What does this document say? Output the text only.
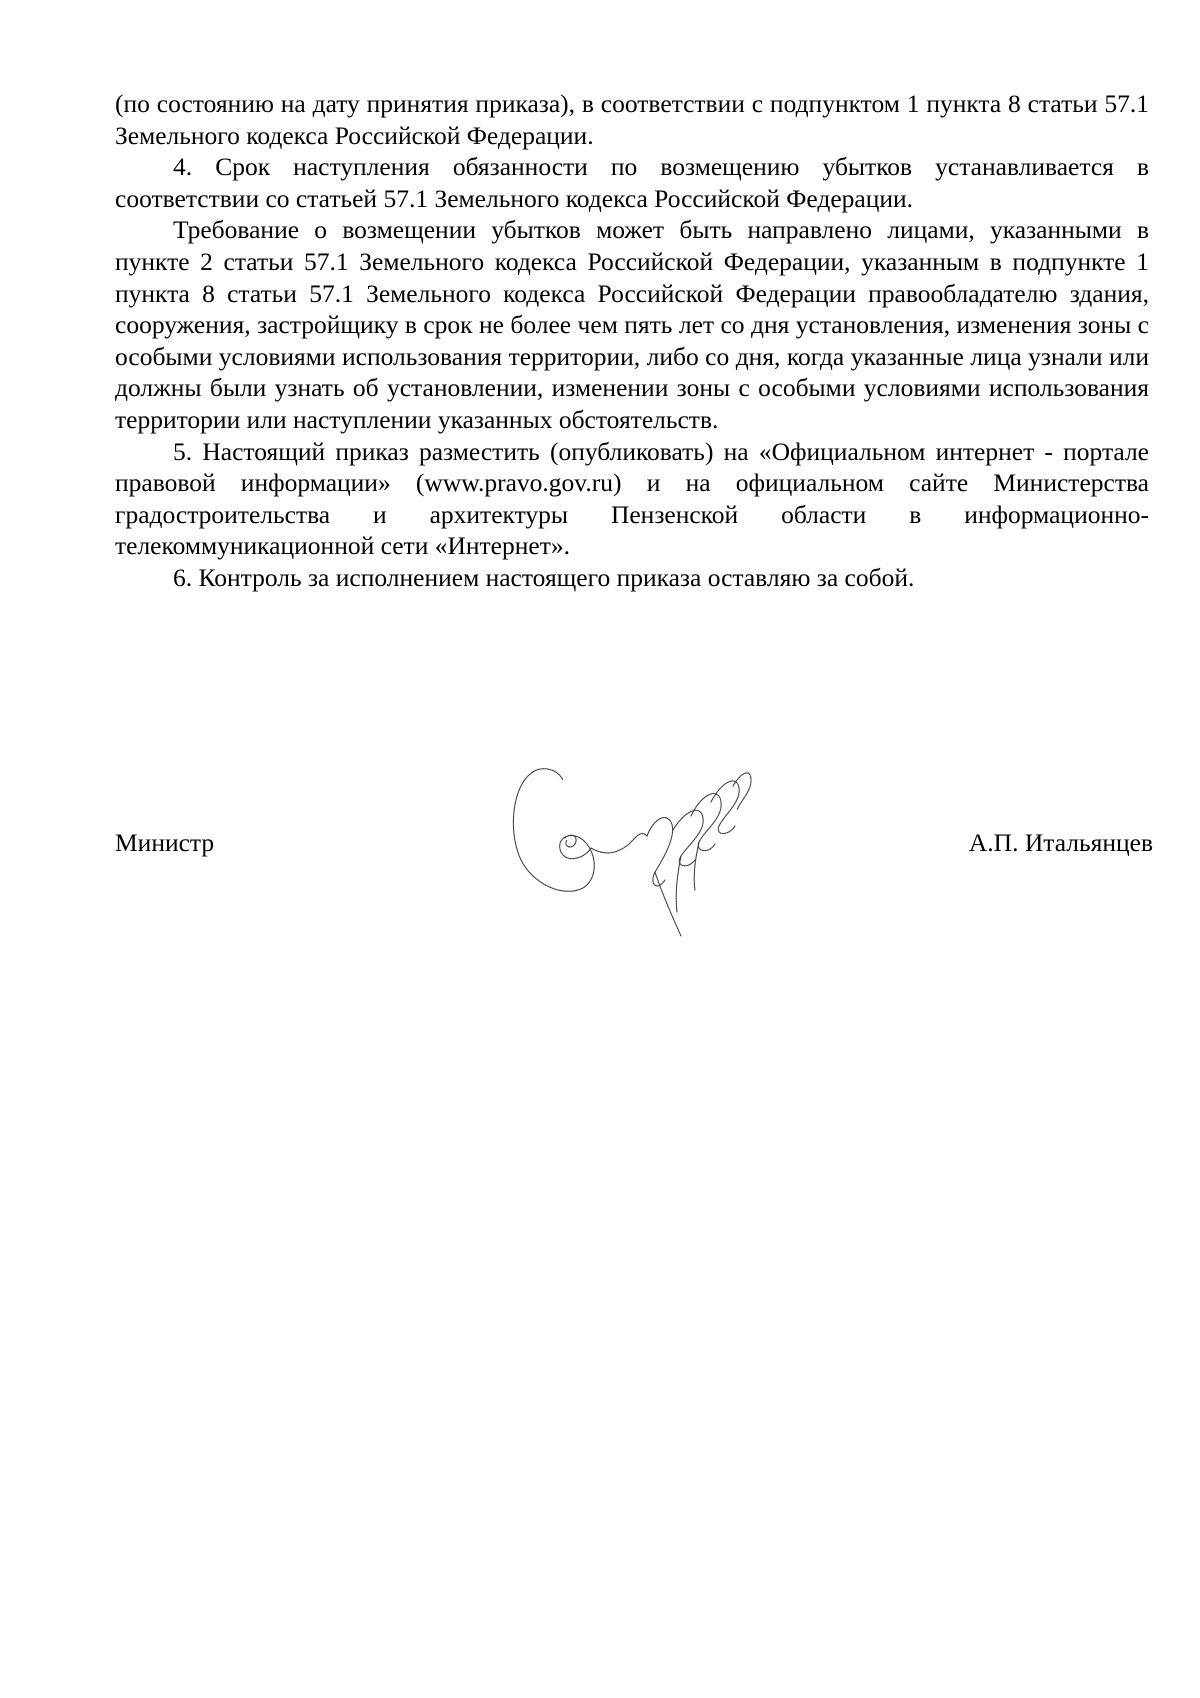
(по состоянию на дату принятия приказа), в соответствии с подпунктом 1 пункта 8 статьи 57.1 Земельного кодекса Российской Федерации.

4. Срок наступления обязанности по возмещению убытков устанавливается в соответствии со статьей 57.1 Земельного кодекса Российской Федерации.

Требование о возмещении убытков может быть направлено лицами, указанными в пункте 2 статьи 57.1 Земельного кодекса Российской Федерации, указанным в подпункте 1 пункта 8 статьи 57.1 Земельного кодекса Российской Федерации правообладателю здания, сооружения, застройщику в срок не более чем пять лет со дня установления, изменения зоны с особыми условиями использования территории, либо со дня, когда указанные лица узнали или должны были узнать об установлении, изменении зоны с особыми условиями использования территории или наступлении указанных обстоятельств.

5. Настоящий приказ разместить (опубликовать) на «Официальном интернет - портале правовой информации» (www.pravo.gov.ru) и на официальном сайте Министерства градостроительства и архитектуры Пензенской области в информационно-телекоммуникационной сети «Интернет».

6. Контроль за исполнением настоящего приказа оставляю за собой.

Министр	А.П. Итальянцев
